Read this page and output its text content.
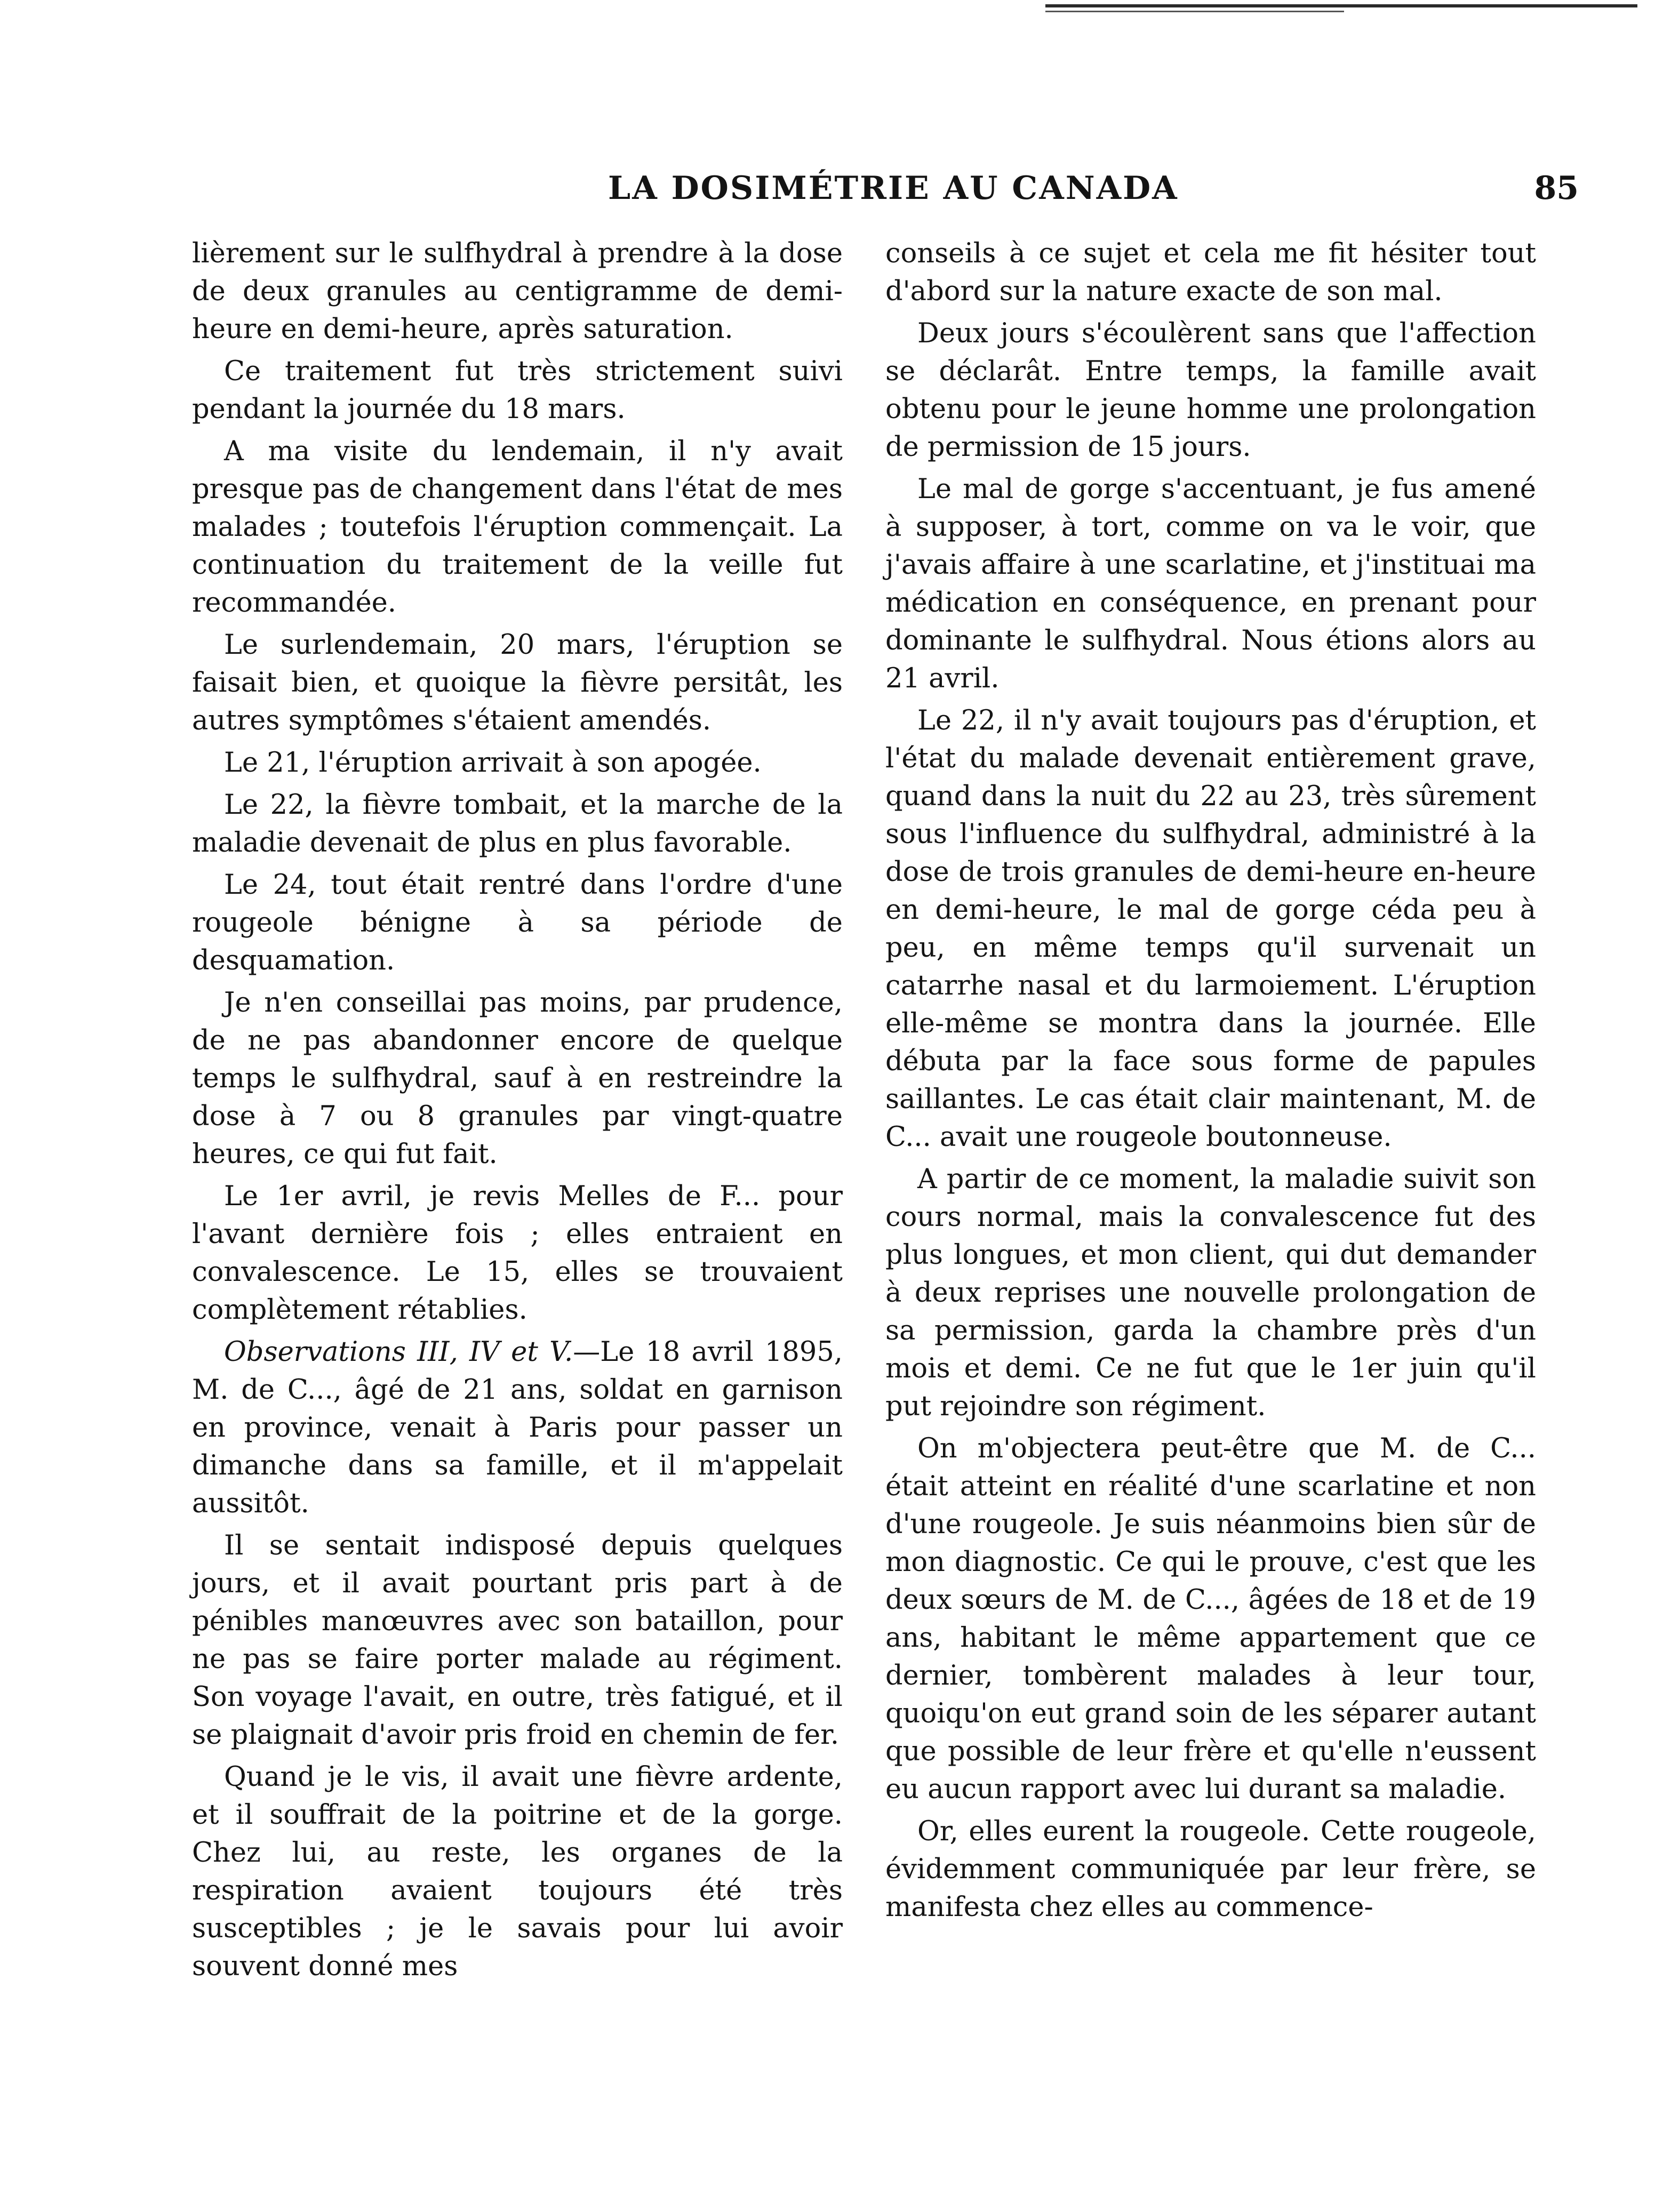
LA DOSIMÉTRIE AU CANADA	85

lièrement sur le sulfhydral à prendre à la dose de deux granules au centigramme de demi-heure en demi-heure, après saturation.

Ce traitement fut très strictement suivi pendant la journée du 18 mars.

A ma visite du lendemain, il n'y avait presque pas de changement dans l'état de mes malades ; toutefois l'éruption commençait. La continuation du traitement de la veille fut recommandée.

Le surlendemain, 20 mars, l'éruption se faisait bien, et quoique la fièvre persitât, les autres symptômes s'étaient amendés.

Le 21, l'éruption arrivait à son apogée.

Le 22, la fièvre tombait, et la marche de la maladie devenait de plus en plus favorable.

Le 24, tout était rentré dans l'ordre d'une rougeole bénigne à sa période de desquamation.

Je n'en conseillai pas moins, par prudence, de ne pas abandonner encore de quelque temps le sulfhydral, sauf à en restreindre la dose à 7 ou 8 granules par vingt-quatre heures, ce qui fut fait.

Le 1er avril, je revis Melles de F... pour l'avant dernière fois ; elles entraient en convalescence. Le 15, elles se trouvaient complètement rétablies.

Observations III, IV et V.—Le 18 avril 1895, M. de C..., âgé de 21 ans, soldat en garnison en province, venait à Paris pour passer un dimanche dans sa famille, et il m'appelait aussitôt.

Il se sentait indisposé depuis quelques jours, et il avait pourtant pris part à de pénibles manœuvres avec son bataillon, pour ne pas se faire porter malade au régiment. Son voyage l'avait, en outre, très fatigué, et il se plaignait d'avoir pris froid en chemin de fer.

Quand je le vis, il avait une fièvre ardente, et il souffrait de la poitrine et de la gorge. Chez lui, au reste, les organes de la respiration avaient toujours été très susceptibles ; je le savais pour lui avoir souvent donné mes

conseils à ce sujet et cela me fit hésiter tout d'abord sur la nature exacte de son mal.

Deux jours s'écoulèrent sans que l'affection se déclarât. Entre temps, la famille avait obtenu pour le jeune homme une prolongation de permission de 15 jours.

Le mal de gorge s'accentuant, je fus amené à supposer, à tort, comme on va le voir, que j'avais affaire à une scarlatine, et j'instituai ma médication en conséquence, en prenant pour dominante le sulfhydral. Nous étions alors au 21 avril.

Le 22, il n'y avait toujours pas d'éruption, et l'état du malade devenait entièrement grave, quand dans la nuit du 22 au 23, très sûrement sous l'influence du sulfhydral, administré à la dose de trois granules de demi-heure en-heure en demi-heure, le mal de gorge céda peu à peu, en même temps qu'il survenait un catarrhe nasal et du larmoiement. L'éruption elle-même se montra dans la journée. Elle débuta par la face sous forme de papules saillantes. Le cas était clair maintenant, M. de C... avait une rougeole boutonneuse.

A partir de ce moment, la maladie suivit son cours normal, mais la convalescence fut des plus longues, et mon client, qui dut demander à deux reprises une nouvelle prolongation de sa permission, garda la chambre près d'un mois et demi. Ce ne fut que le 1er juin qu'il put rejoindre son régiment.

On m'objectera peut-être que M. de C... était atteint en réalité d'une scarlatine et non d'une rougeole. Je suis néanmoins bien sûr de mon diagnostic. Ce qui le prouve, c'est que les deux sœurs de M. de C..., âgées de 18 et de 19 ans, habitant le même appartement que ce dernier, tombèrent malades à leur tour, quoiqu'on eut grand soin de les séparer autant que possible de leur frère et qu'elle n'eussent eu aucun rapport avec lui durant sa maladie.

Or, elles eurent la rougeole. Cette rougeole, évidemment communiquée par leur frère, se manifesta chez elles au commence-
